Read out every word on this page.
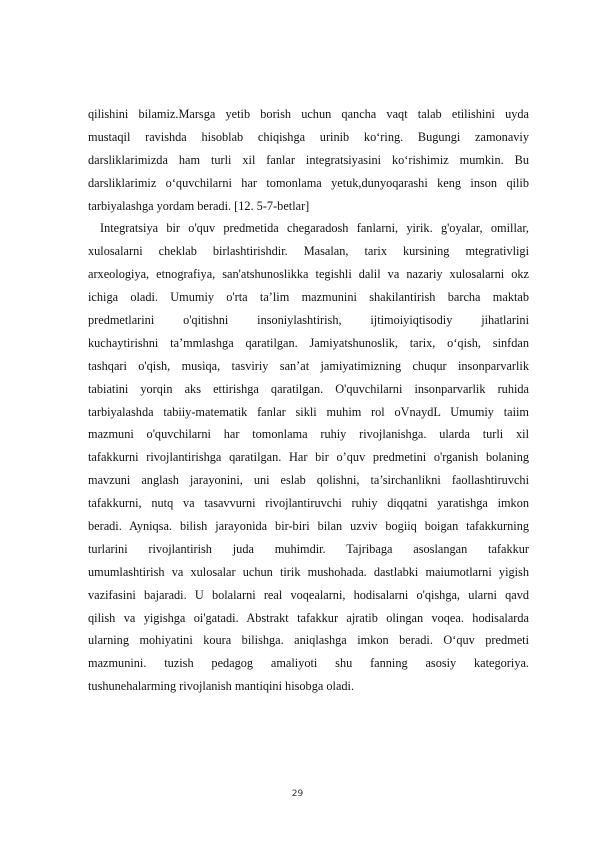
qilishini bilamiz.Marsga yetib borish uchun qancha vaqt talab etilishini uyda
mustaqil ravishda hisoblab chiqishga urinib ko‘ring. Bugungi zamonaviy
darsliklarimizda ham turli xil fanlar integratsiyasini ko‘rishimiz mumkin. Bu
darsliklarimiz o‘quvchilarni har tomonlama yetuk,dunyoqarashi keng inson qilib
tarbiyalashga yordam beradi. [12. 5-7-betlar]
Integratsiya bir o'quv predmetida chegaradosh fanlarni, yirik. g'oyalar, omillar,
xulosalarni cheklab birlashtirishdir. Masalan, tarix kursining mtegrativligi
arxeologiya, etnografiya, san'atshunoslikka tegishli dalil va nazariy xulosalarni okz
ichiga oladi. Umumiy o'rta ta’lim mazmunini shakilantirish barcha maktab
predmetlarini o'qitishni insoniylashtirish, ijtimoiyiqtisodiy jihatlarini
kuchaytirishni ta’mmlashga qaratilgan. Jamiyatshunoslik, tarix, o‘qish, sinfdan
tashqari o'qish, musiqa, tasviriy san’at jamiyatimizning chuqur insonparvarlik
tabiatini yorqin aks ettirishga qaratilgan. O'quvchilarni insonparvarlik ruhida
tarbiyalashda tabiiy-matematik fanlar sikli muhim rol oVnaydL Umumiy taiim
mazmuni o'quvchilarni har tomonlama ruhiy rivojlanishga. ularda turli xil
tafakkurni rivojlantirishga qaratilgan. Har bir o’quv predmetini o'rganish bolaning
mavzuni anglash jarayonini, uni eslab qolishni, ta’sirchanlikni faollashtiruvchi
tafakkurni, nutq va tasavvurni rivojlantiruvchi ruhiy diqqatni yaratishga imkon
beradi. Ayniqsa. bilish jarayonida bir-biri bilan uzviv bogiiq boigan tafakkurning
turlarini rivojlantirish juda muhimdir. Tajribaga asoslangan tafakkur
umumlashtirish va xulosalar uchun tirik mushohada. dastlabki maiumotlarni yigish
vazifasini bajaradi. U bolalarni real voqealarni, hodisalarni o'qishga, ularni qavd
qilish va yigishga oi'gatadi. Abstrakt tafakkur ajratib olingan voqea. hodisalarda
ularning mohiyatini koura bilishga. aniqlashga imkon beradi. O‘quv predmeti
mazmunini. tuzish pedagog amaliyoti shu fanning asosiy kategoriya.
tushunehalarming rivojlanish mantiqini hisobga oladi.
29
